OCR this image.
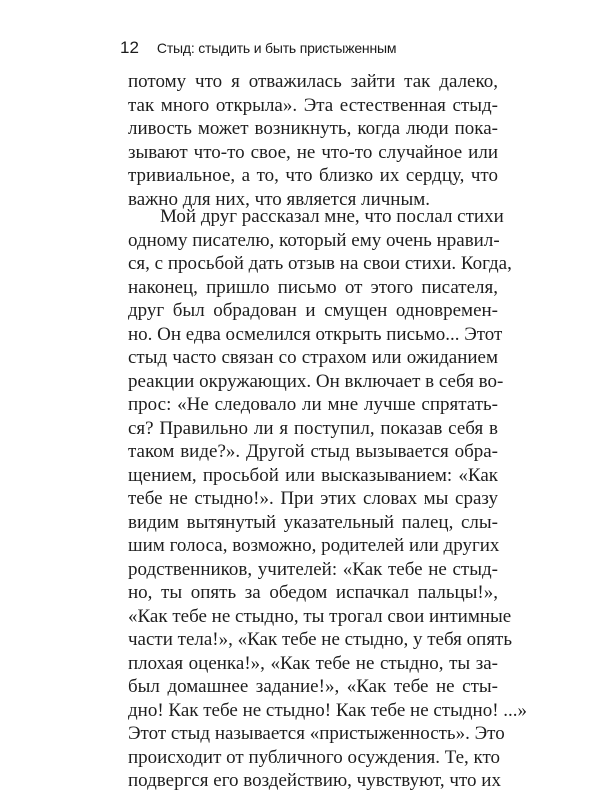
12 Стыд: стыдить и быть пристыженным
потому что я отважилась зайти так далеко,
так много открыла». Эта естественная стыд-
ливость может возникнуть, когда люди пока-
зывают что-то свое, не что-то случайное или
тривиальное, а то, что близко их сердцу, что
важно для них, что является личным.
Мой друг рассказал мне, что послал стихи
одному писателю, который ему очень нравил-
ся, с просьбой дать отзыв на свои стихи. Когда,
наконец, пришло письмо от этого писателя,
друг был обрадован и смущен одновремен-
но. Он едва осмелился открыть письмо... Этот
стыд часто связан со страхом или ожиданием
реакции окружающих. Он включает в себя во-
прос: «Не следовало ли мне лучше спрятать-
ся? Правильно ли я поступил, показав себя в
таком виде?». Другой стыд вызывается обра-
щением, просьбой или высказыванием: «Как
тебе не стыдно!». При этих словах мы сразу
видим вытянутый указательный палец, слы-
шим голоса, возможно, родителей или других
родственников, учителей: «Как тебе не стыд-
но, ты опять за обедом испачкал пальцы!»,
«Как тебе не стыдно, ты трогал свои интимные
части тела!», «Как тебе не стыдно, у тебя опять
плохая оценка!», «Как тебе не стыдно, ты за-
был домашнее задание!», «Как тебе не сты-
дно! Как тебе не стыдно! Как тебе не стыдно! ...»
Этот стыд называется «пристыженность». Это
происходит от публичного осуждения. Те, кто
подвергся его воздействию, чувствуют, что их
